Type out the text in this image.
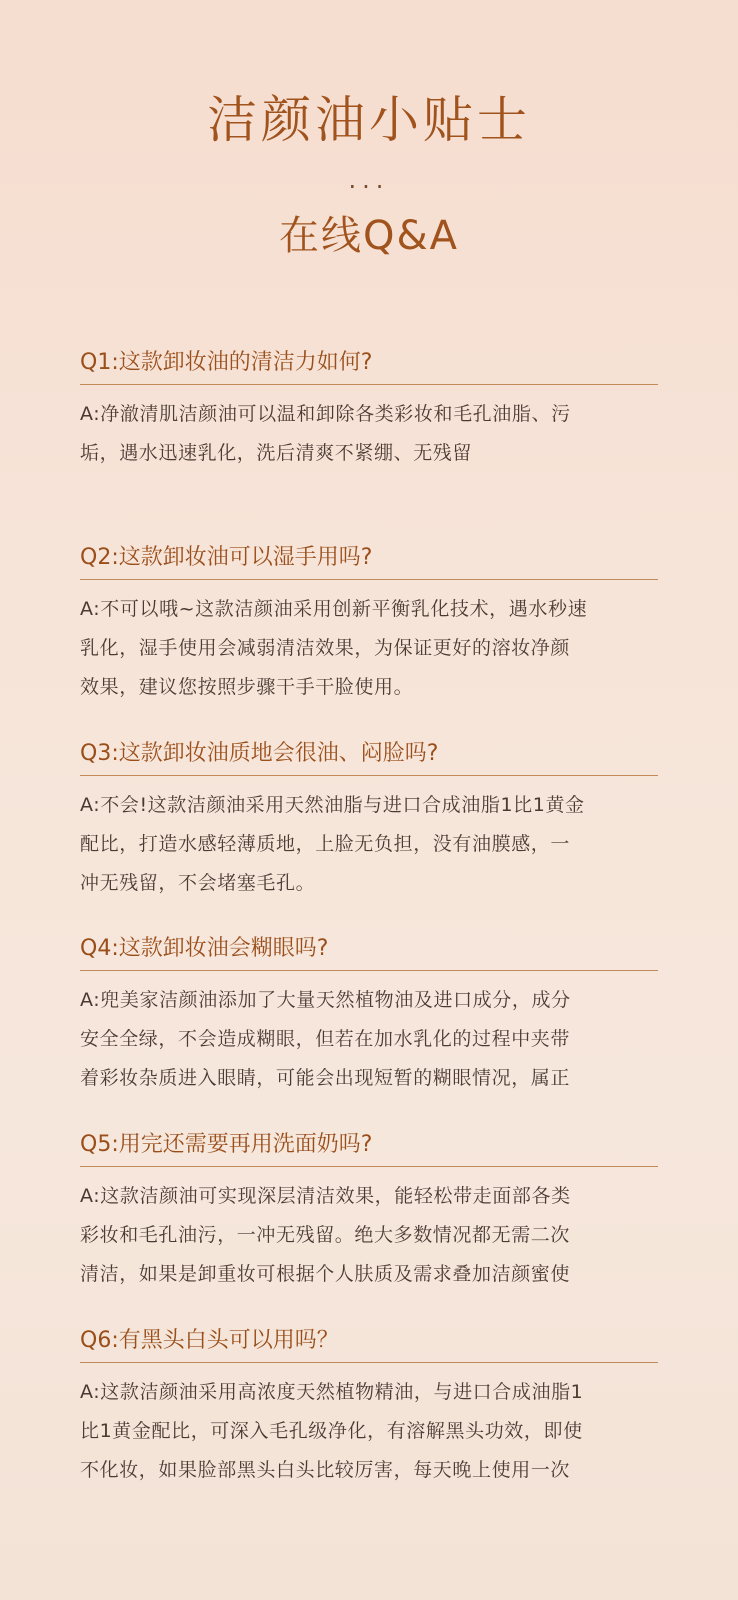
洁颜油小贴士
...
在线Q&A
Q1:这款卸妆油的清洁力如何?
A:净澈清肌洁颜油可以温和卸除各类彩妆和毛孔油脂、污
垢，遇水迅速乳化，洗后清爽不紧绷、无残留
Q2:这款卸妆油可以湿手用吗?
A:不可以哦~这款洁颜油采用创新平衡乳化技术，遇水秒速
乳化，湿手使用会减弱清洁效果，为保证更好的溶妆净颜
效果，建议您按照步骤干手干脸使用。
Q3:这款卸妆油质地会很油、闷脸吗?
A:不会!这款洁颜油采用天然油脂与进口合成油脂1比1黄金
配比，打造水感轻薄质地，上脸无负担，没有油膜感，一
冲无残留，不会堵塞毛孔。
Q4:这款卸妆油会糊眼吗?
A:兜美家洁颜油添加了大量天然植物油及进口成分，成分
安全全绿，不会造成糊眼，但若在加水乳化的过程中夹带
着彩妆杂质进入眼睛，可能会出现短暂的糊眼情况，属正
Q5:用完还需要再用洗面奶吗?
A:这款洁颜油可实现深层清洁效果，能轻松带走面部各类
彩妆和毛孔油污，一冲无残留。绝大多数情况都无需二次
清洁，如果是卸重妆可根据个人肤质及需求叠加洁颜蜜使
Q6:有黑头白头可以用吗？
A:这款洁颜油采用高浓度天然植物精油，与进口合成油脂1
比1黄金配比，可深入毛孔级净化，有溶解黑头功效，即使
不化妆，如果脸部黑头白头比较厉害，每天晚上使用一次
